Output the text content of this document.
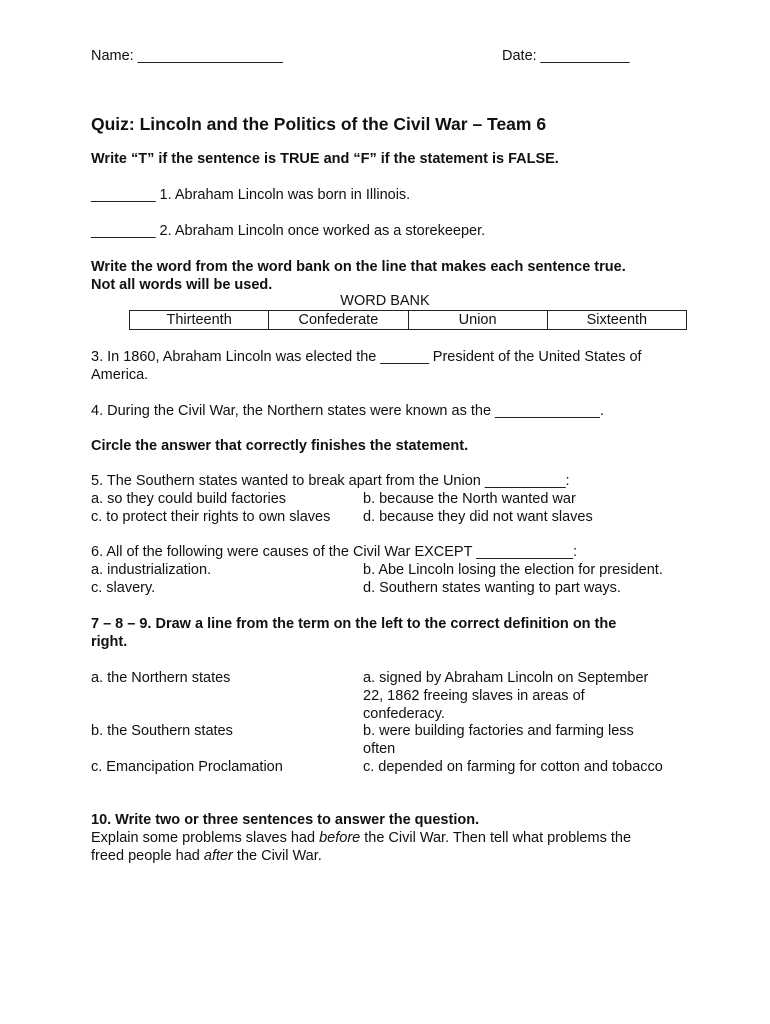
Name: __________________	Date: ___________

Quiz: Lincoln and the Politics of the Civil War – Team 6

Write “T” if the sentence is TRUE and “F” if the statement is FALSE.

________ 1. Abraham Lincoln was born in Illinois.

________ 2. Abraham Lincoln once worked as a storekeeper.

Write the word from the word bank on the line that makes each sentence true.

Not all words will be used.

WORD BANK

Thirteenth	Confederate	Union	Sixteenth

3. In 1860, Abraham Lincoln was elected the ______ President of the United States of

America.

4. During the Civil War, the Northern states were known as the _____________.

Circle the answer that correctly finishes the statement.

5. The Southern states wanted to break apart from the Union __________:

a. so they could build factories	b. because the North wanted war

c. to protect their rights to own slaves d. because they did not want slaves

6. All of the following were causes of the Civil War EXCEPT ____________:

a. industrialization.	b. Abe Lincoln losing the election for president.

c. slavery.	d. Southern states wanting to part ways.

7 – 8 – 9. Draw a line from the term on the left to the correct definition on the

right.

a. the Northern states	a. signed by Abraham Lincoln on September

22, 1862 freeing slaves in areas of

confederacy.

b. the Southern states	b. were building factories and farming less

often

c. Emancipation Proclamation	c. depended on farming for cotton and tobacco

10. Write two or three sentences to answer the question.

Explain some problems slaves had before the Civil War. Then tell what problems the

freed people had after the Civil War.
